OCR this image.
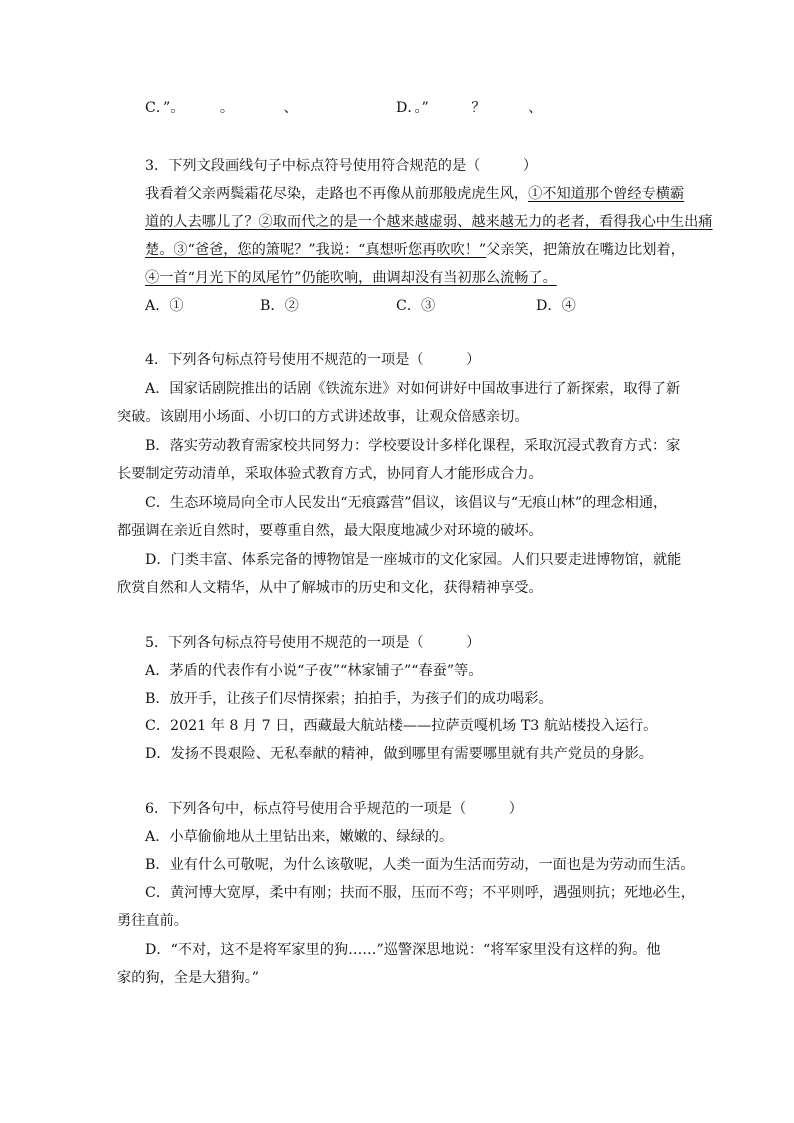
C．”。　　　。　　　　、	D．。”　　　？　　　、
3．下列文段画线句子中标点符号使用符合规范的是（　　　）
我看着父亲两鬓霜花尽染，走路也不再像从前那般虎虎生风，①不知道那个曾经专横霸
道的人去哪儿了？②取而代之的是一个越来越虚弱、越来越无力的老者，看得我心中生出痛
楚。③“爸爸，您的箫呢？”我说：“真想听您再吹吹！”父亲笑，把箫放在嘴边比划着，
④一首“月光下的凤尾竹”仍能吹响，曲调却没有当初那么流畅了。
A．①	B．②	C．③	D．④
4．下列各句标点符号使用不规范的一项是（　　　）
A．国家话剧院推出的话剧《铁流东进》对如何讲好中国故事进行了新探索，取得了新
突破。该剧用小场面、小切口的方式讲述故事，让观众倍感亲切。
B．落实劳动教育需家校共同努力：学校要设计多样化课程，采取沉浸式教育方式：家
长要制定劳动清单，采取体验式教育方式，协同育人才能形成合力。
C．生态环境局向全市人民发出“无痕露营”倡议，该倡议与“无痕山林”的理念相通，
都强调在亲近自然时，要尊重自然，最大限度地减少对环境的破坏。
D．门类丰富、体系完备的博物馆是一座城市的文化家园。人们只要走进博物馆，就能
欣赏自然和人文精华，从中了解城市的历史和文化，获得精神享受。
5．下列各句标点符号使用不规范的一项是（　　　）
A．茅盾的代表作有小说“子夜”“林家铺子”“春蚕”等。
B．放开手，让孩子们尽情探索；拍拍手，为孩子们的成功喝彩。
C．2021 年 8 月 7 日，西藏最大航站楼——拉萨贡嘎机场 T3 航站楼投入运行。
D．发扬不畏艰险、无私奉献的精神，做到哪里有需要哪里就有共产党员的身影。
6．下列各句中，标点符号使用合乎规范的一项是（　　　）
A．小草偷偷地从土里钻出来，嫩嫩的、绿绿的。
B．业有什么可敬呢，为什么该敬呢，人类一面为生活而劳动，一面也是为劳动而生活。
C．黄河博大宽厚，柔中有刚；扶而不服，压而不弯；不平则呼，遇强则抗；死地必生，
勇往直前。
D．“不对，这不是将军家里的狗……”巡警深思地说：“将军家里没有这样的狗。他
家的狗，全是大猎狗。”
